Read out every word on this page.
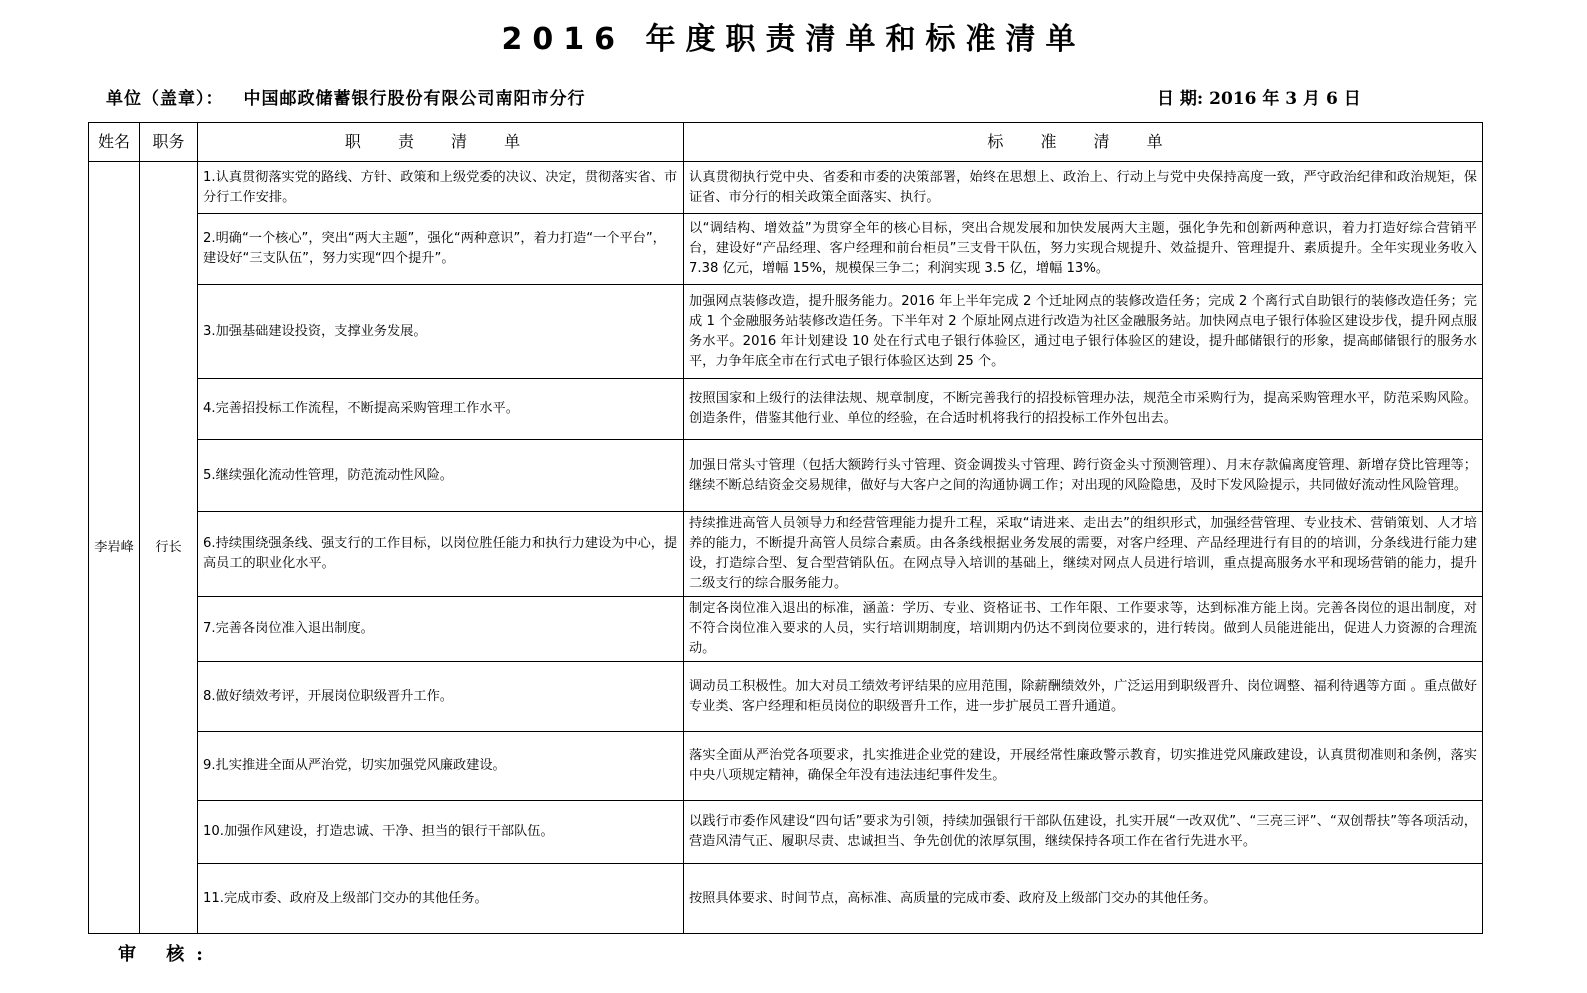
2016 年度职责清单和标准清单
单位（盖章）： 中国邮政储蓄银行股份有限公司南阳市分行	日 期: 2016 年 3 月 6 日
姓名	职务	职 责 清 单	标 准 清 单
李岩峰	行长	1.认真贯彻落实党的路线、方针、政策和上级党委的决议、决定，贯彻落实省、市分行工作安排。	认真贯彻执行党中央、省委和市委的决策部署，始终在思想上、政治上、行动上与党中央保持高度一致，严守政治纪律和政治规矩，保证省、市分行的相关政策全面落实、执行。
		2.明确“一个核心”，突出“两大主题”，强化“两种意识”，着力打造“一个平台”，建设好“三支队伍”，努力实现“四个提升”。	以“调结构、增效益”为贯穿全年的核心目标，突出合规发展和加快发展两大主题，强化争先和创新两种意识，着力打造好综合营销平台，建设好“产品经理、客户经理和前台柜员”三支骨干队伍，努力实现合规提升、效益提升、管理提升、素质提升。全年实现业务收入 7.38 亿元，增幅 15%，规模保三争二；利润实现 3.5 亿，增幅 13%。
		3.加强基础建设投资，支撑业务发展。	加强网点装修改造，提升服务能力。2016 年上半年完成 2 个迁址网点的装修改造任务；完成 2 个离行式自助银行的装修改造任务；完成 1 个金融服务站装修改造任务。下半年对 2 个原址网点进行改造为社区金融服务站。加快网点电子银行体验区建设步伐，提升网点服务水平。2016 年计划建设 10 处在行式电子银行体验区，通过电子银行体验区的建设，提升邮储银行的形象，提高邮储银行的服务水平，力争年底全市在行式电子银行体验区达到 25 个。
		4.完善招投标工作流程，不断提高采购管理工作水平。	按照国家和上级行的法律法规、规章制度，不断完善我行的招投标管理办法，规范全市采购行为，提高采购管理水平，防范采购风险。创造条件，借鉴其他行业、单位的经验，在合适时机将我行的招投标工作外包出去。
		5.继续强化流动性管理，防范流动性风险。	加强日常头寸管理（包括大额跨行头寸管理、资金调拨头寸管理、跨行资金头寸预测管理）、月末存款偏离度管理、新增存贷比管理等；继续不断总结资金交易规律，做好与大客户之间的沟通协调工作；对出现的风险隐患，及时下发风险提示，共同做好流动性风险管理。
		6.持续围绕强条线、强支行的工作目标，以岗位胜任能力和执行力建设为中心，提高员工的职业化水平。	持续推进高管人员领导力和经营管理能力提升工程，采取“请进来、走出去”的组织形式，加强经营管理、专业技术、营销策划、人才培养的能力，不断提升高管人员综合素质。由各条线根据业务发展的需要，对客户经理、产品经理进行有目的的培训，分条线进行能力建设，打造综合型、复合型营销队伍。在网点导入培训的基础上，继续对网点人员进行培训，重点提高服务水平和现场营销的能力，提升二级支行的综合服务能力。
		7.完善各岗位准入退出制度。	制定各岗位准入退出的标准，涵盖：学历、专业、资格证书、工作年限、工作要求等，达到标准方能上岗。完善各岗位的退出制度，对不符合岗位准入要求的人员，实行培训期制度，培训期内仍达不到岗位要求的，进行转岗。做到人员能进能出，促进人力资源的合理流动。
		8.做好绩效考评，开展岗位职级晋升工作。	调动员工积极性。加大对员工绩效考评结果的应用范围，除薪酬绩效外，广泛运用到职级晋升、岗位调整、福利待遇等方面 。重点做好专业类、客户经理和柜员岗位的职级晋升工作，进一步扩展员工晋升通道。
		9.扎实推进全面从严治党，切实加强党风廉政建设。	落实全面从严治党各项要求，扎实推进企业党的建设，开展经常性廉政警示教育，切实推进党风廉政建设，认真贯彻准则和条例，落实中央八项规定精神，确保全年没有违法违纪事件发生。
		10.加强作风建设，打造忠诚、干净、担当的银行干部队伍。	以践行市委作风建设“四句话”要求为引领，持续加强银行干部队伍建设，扎实开展“一改双优”、“三亮三评”、“双创帮扶”等各项活动，营造风清气正、履职尽责、忠诚担当、争先创优的浓厚氛围，继续保持各项工作在省行先进水平。
		11.完成市委、政府及上级部门交办的其他任务。	按照具体要求、时间节点，高标准、高质量的完成市委、政府及上级部门交办的其他任务。
审 核:
